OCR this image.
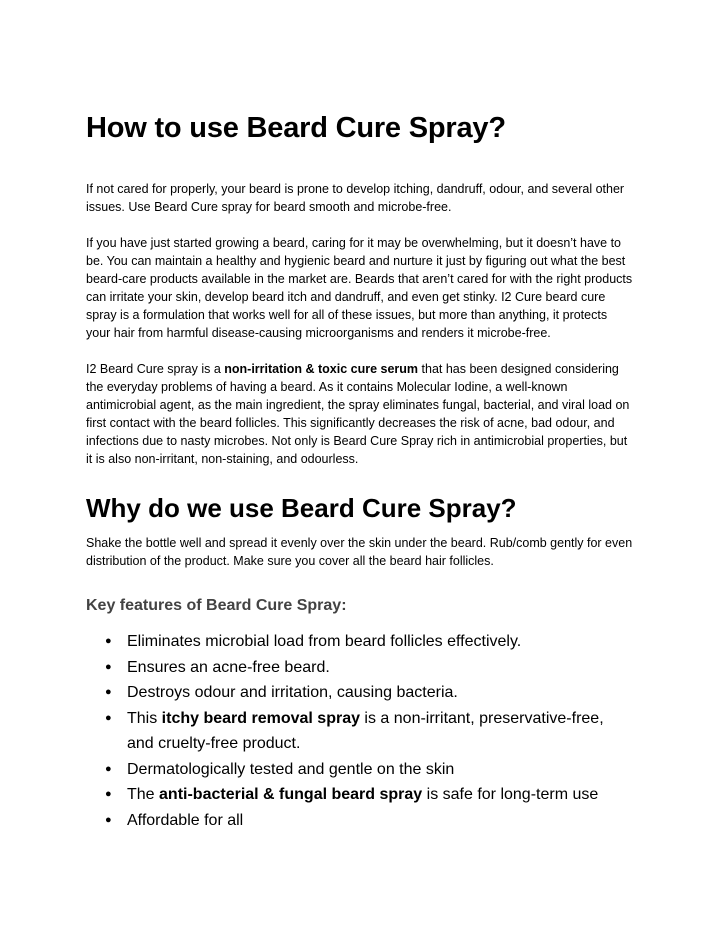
How to use Beard Cure Spray?

If not cared for properly, your beard is prone to develop itching, dandruff, odour, and several other issues. Use Beard Cure spray for beard smooth and microbe-free.

If you have just started growing a beard, caring for it may be overwhelming, but it doesn’t have to be. You can maintain a healthy and hygienic beard and nurture it just by figuring out what the best beard-care products available in the market are. Beards that aren’t cared for with the right products can irritate your skin, develop beard itch and dandruff, and even get stinky. I2 Cure beard cure spray is a formulation that works well for all of these issues, but more than anything, it protects your hair from harmful disease-causing microorganisms and renders it microbe-free.

I2 Beard Cure spray is a non-irritation & toxic cure serum that has been designed considering the everyday problems of having a beard. As it contains Molecular Iodine, a well-known antimicrobial agent, as the main ingredient, the spray eliminates fungal, bacterial, and viral load on first contact with the beard follicles. This significantly decreases the risk of acne, bad odour, and infections due to nasty microbes. Not only is Beard Cure Spray rich in antimicrobial properties, but it is also non-irritant, non-staining, and odourless.

Why do we use Beard Cure Spray?

Shake the bottle well and spread it evenly over the skin under the beard. Rub/comb gently for even distribution of the product. Make sure you cover all the beard hair follicles.

Key features of Beard Cure Spray:
● Eliminates microbial load from beard follicles effectively.
● Ensures an acne-free beard.
● Destroys odour and irritation, causing bacteria.
● This itchy beard removal spray is a non-irritant, preservative-free, and cruelty-free product.
● Dermatologically tested and gentle on the skin
● The anti-bacterial & fungal beard spray is safe for long-term use
● Affordable for all
